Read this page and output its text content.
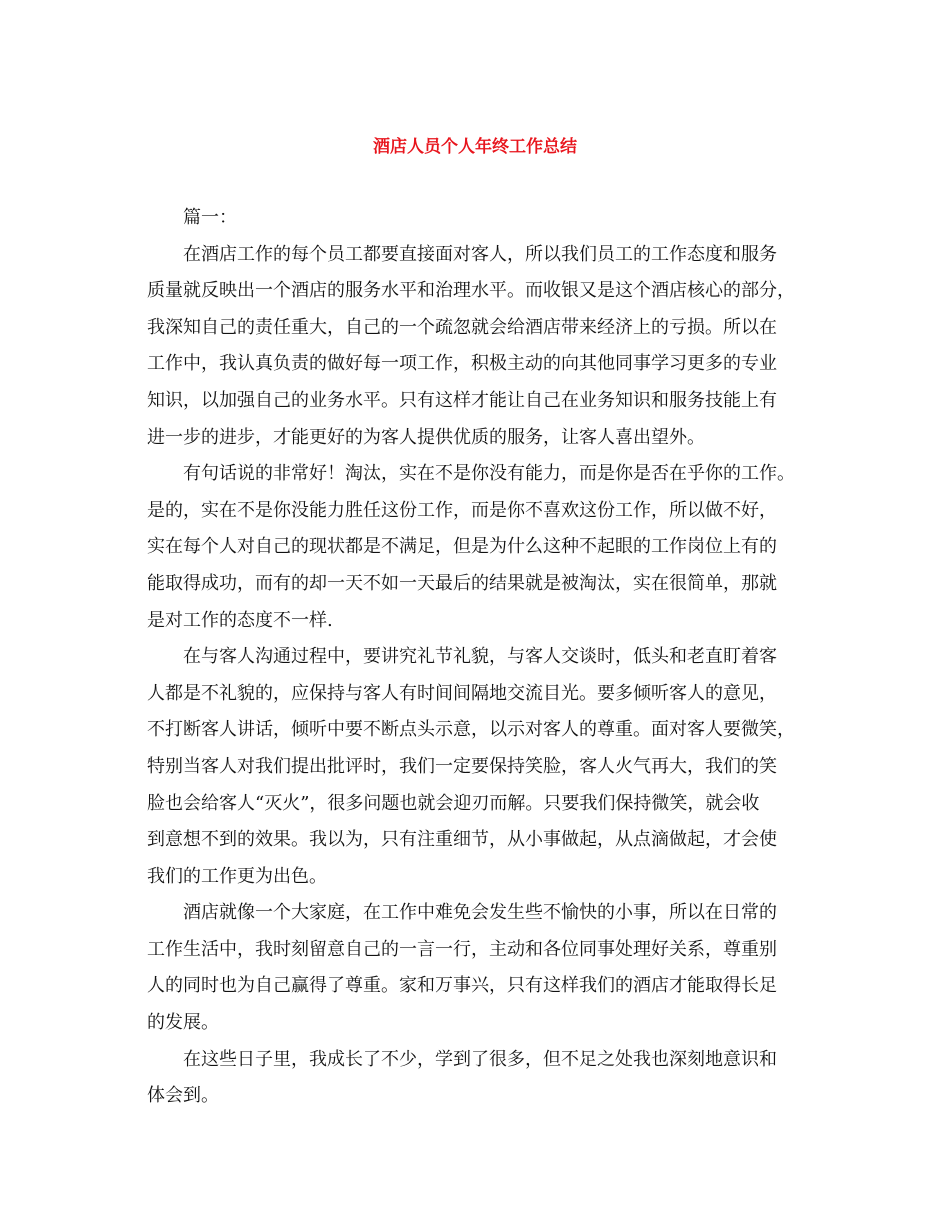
酒店人员个人年终工作总结
篇一：
在酒店工作的每个员工都要直接面对客人，所以我们员工的工作态度和服务
质量就反映出一个酒店的服务水平和治理水平。而收银又是这个酒店核心的部分，
我深知自己的责任重大，自己的一个疏忽就会给酒店带来经济上的亏损。所以在
工作中，我认真负责的做好每一项工作，积极主动的向其他同事学习更多的专业
知识，以加强自己的业务水平。只有这样才能让自己在业务知识和服务技能上有
进一步的进步，才能更好的为客人提供优质的服务，让客人喜出望外。
有句话说的非常好！淘汰，实在不是你没有能力，而是你是否在乎你的工作。
是的，实在不是你没能力胜任这份工作，而是你不喜欢这份工作，所以做不好，
实在每个人对自己的现状都是不满足，但是为什么这种不起眼的工作岗位上有的
能取得成功，而有的却一天不如一天最后的结果就是被淘汰，实在很简单，那就
是对工作的态度不一样.
在与客人沟通过程中，要讲究礼节礼貌，与客人交谈时，低头和老直盯着客
人都是不礼貌的，应保持与客人有时间间隔地交流目光。要多倾听客人的意见，
不打断客人讲话，倾听中要不断点头示意，以示对客人的尊重。面对客人要微笑，
特别当客人对我们提出批评时，我们一定要保持笑脸，客人火气再大，我们的笑
脸也会给客人“灭火”，很多问题也就会迎刃而解。只要我们保持微笑，就会收
到意想不到的效果。我以为，只有注重细节，从小事做起，从点滴做起，才会使
我们的工作更为出色。
酒店就像一个大家庭，在工作中难免会发生些不愉快的小事，所以在日常的
工作生活中，我时刻留意自己的一言一行，主动和各位同事处理好关系，尊重别
人的同时也为自己赢得了尊重。家和万事兴，只有这样我们的酒店才能取得长足
的发展。
在这些日子里，我成长了不少，学到了很多，但不足之处我也深刻地意识和
体会到。
